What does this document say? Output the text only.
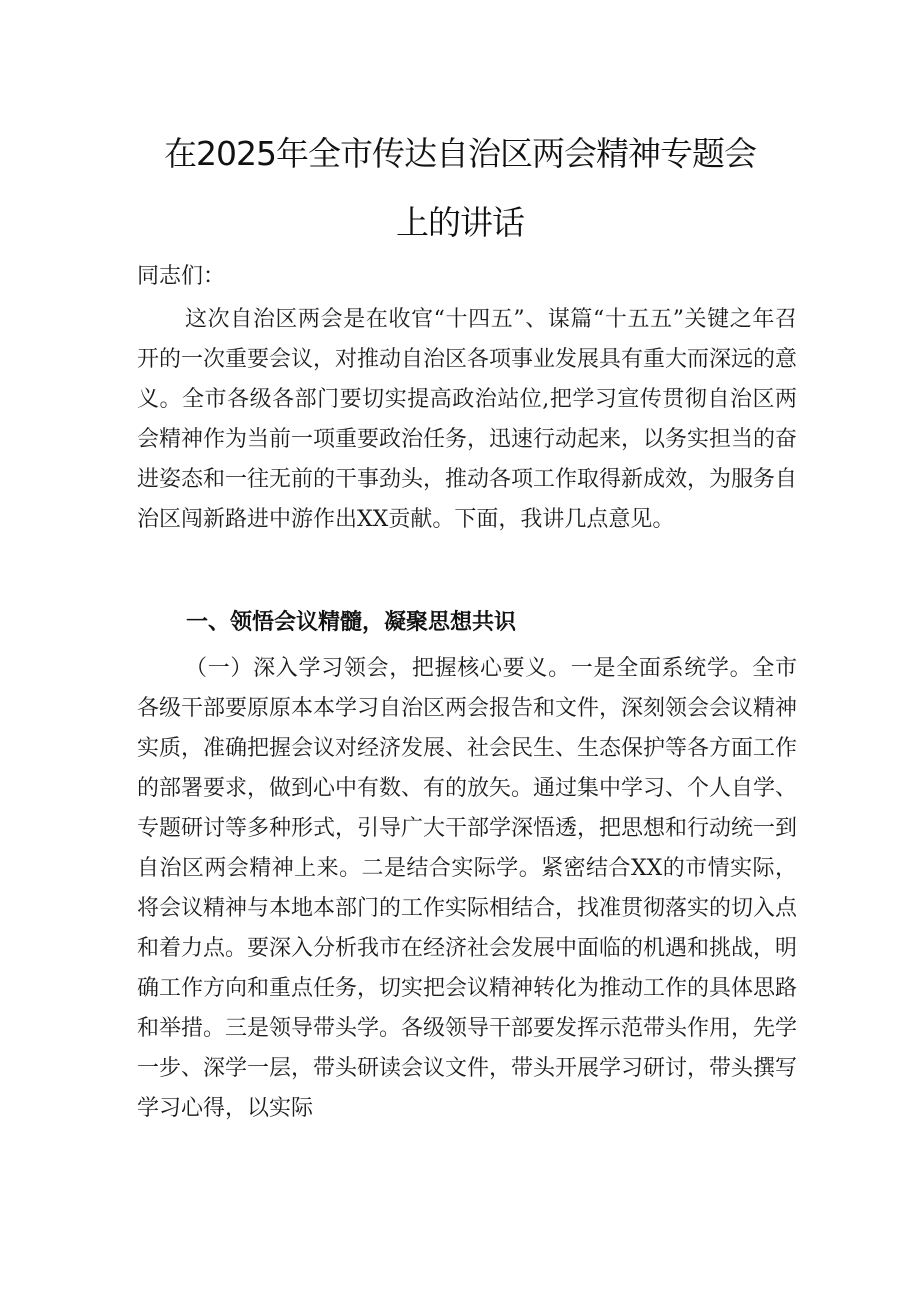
在2025年全市传达自治区两会精神专题会
上的讲话

同志们：

这次自治区两会是在收官“十四五”、谋篇“十五五”关键之年召开的一次重要会议，对推动自治区各项事业发展具有重大而深远的意义。全市各级各部门要切实提高政治站位,把学习宣传贯彻自治区两会精神作为当前一项重要政治任务，迅速行动起来，以务实担当的奋进姿态和一往无前的干事劲头，推动各项工作取得新成效，为服务自治区闯新路进中游作出XX贡献。下面，我讲几点意见。

一、领悟会议精髓，凝聚思想共识

（一）深入学习领会，把握核心要义。一是全面系统学。全市各级干部要原原本本学习自治区两会报告和文件，深刻领会会议精神实质，准确把握会议对经济发展、社会民生、生态保护等各方面工作的部署要求，做到心中有数、有的放矢。通过集中学习、个人自学、专题研讨等多种形式，引导广大干部学深悟透，把思想和行动统一到自治区两会精神上来。二是结合实际学。紧密结合XX的市情实际，将会议精神与本地本部门的工作实际相结合，找准贯彻落实的切入点和着力点。要深入分析我市在经济社会发展中面临的机遇和挑战，明确工作方向和重点任务，切实把会议精神转化为推动工作的具体思路和举措。三是领导带头学。各级领导干部要发挥示范带头作用，先学一步、深学一层，带头研读会议文件，带头开展学习研讨，带头撰写学习心得，以实际
